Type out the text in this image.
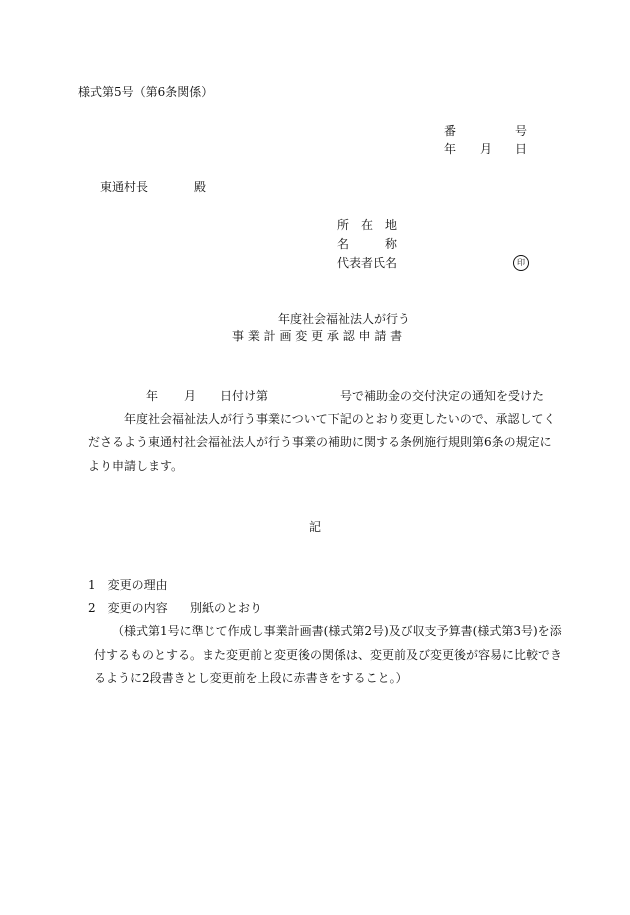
様式第5号（第6条関係）
番	号
年 月 日
東通村長	殿
所　在　地
名　　　称
代表者氏名	印
年度社会福祉法人が行う
事 業 計 画 変 更 承 認 申 請 書
年 月 日付け第	号で補助金の交付決定の通知を受けた
年度社会福祉法人が行う事業について下記のとおり変更したいので、承認してく
ださるよう東通村社会福祉法人が行う事業の補助に関する条例施行規則第6条の規定に
より申請します。
記
1　変更の理由
2　変更の内容 別紙のとおり
（様式第1号に準じて作成し事業計画書(様式第2号)及び収支予算書(様式第3号)を添
付するものとする。また変更前と変更後の関係は、変更前及び変更後が容易に比較でき
るように2段書きとし変更前を上段に赤書きをすること。）
